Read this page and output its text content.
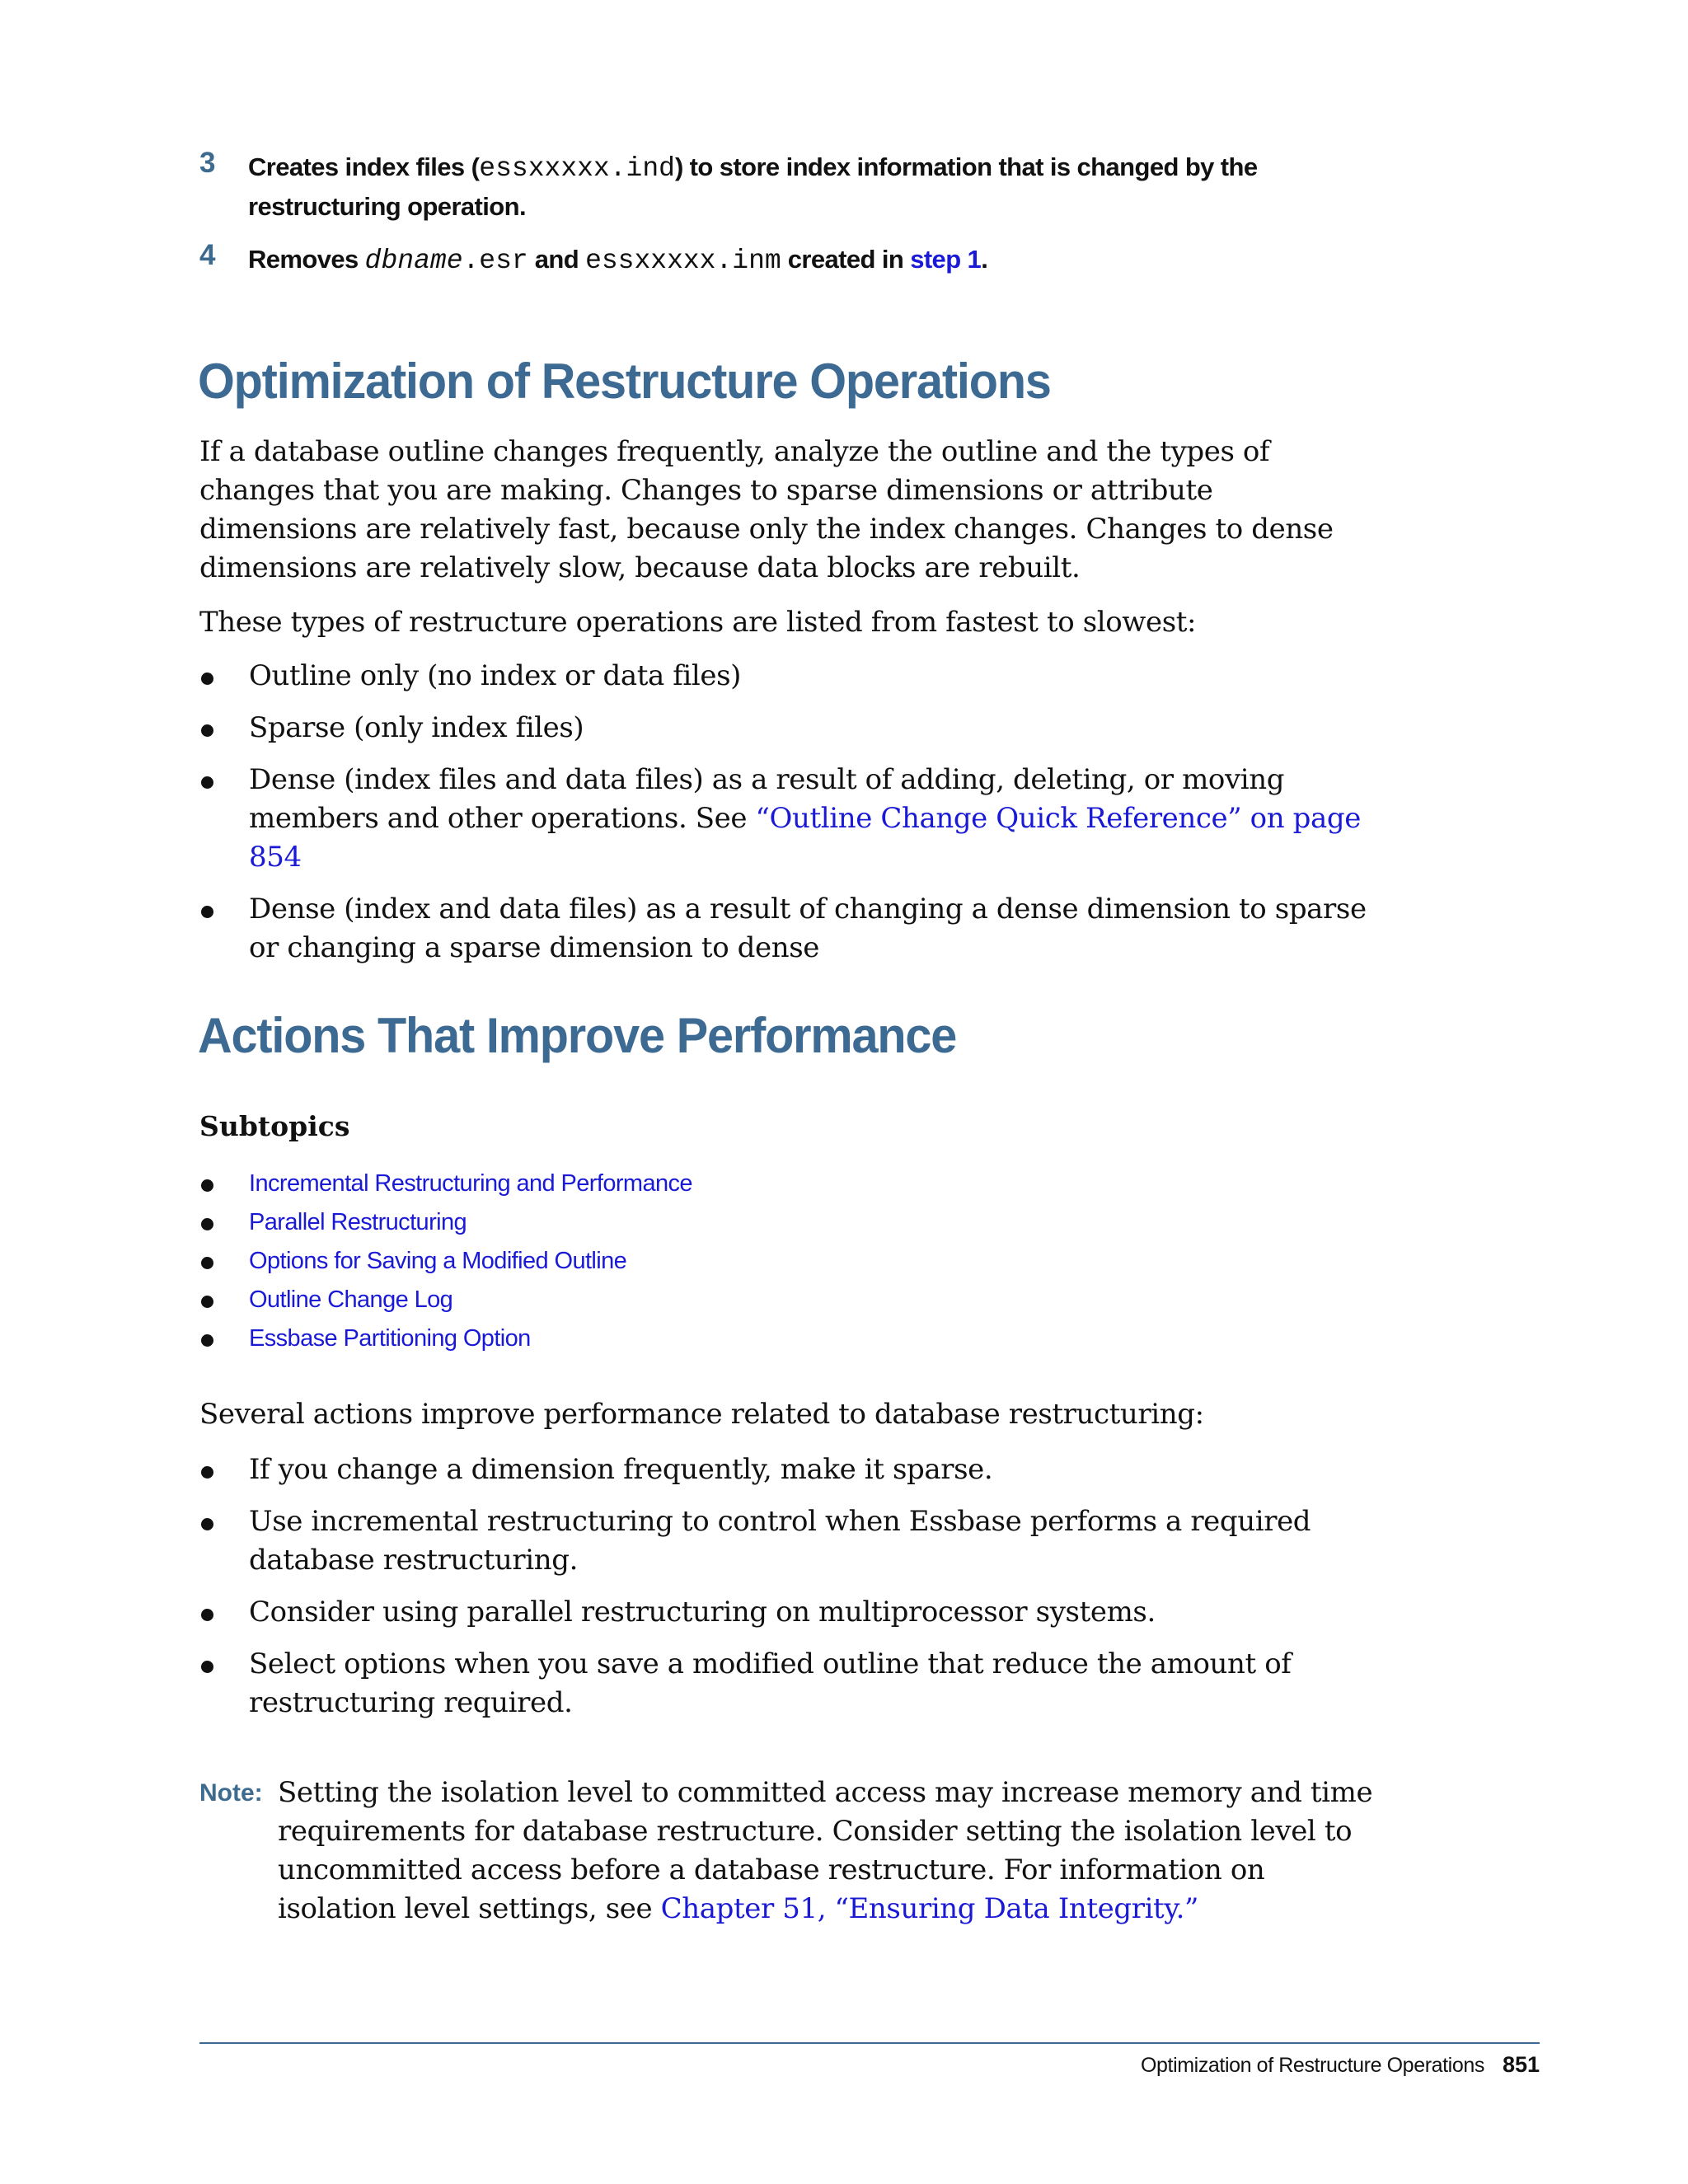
3 Creates index files (essxxxxx.ind) to store index information that is changed by the restructuring operation.
4 Removes dbname.esr and essxxxxx.inm created in step 1.
Optimization of Restructure Operations
If a database outline changes frequently, analyze the outline and the types of changes that you are making. Changes to sparse dimensions or attribute dimensions are relatively fast, because only the index changes. Changes to dense dimensions are relatively slow, because data blocks are rebuilt.
These types of restructure operations are listed from fastest to slowest:
Outline only (no index or data files)
Sparse (only index files)
Dense (index files and data files) as a result of adding, deleting, or moving members and other operations. See “Outline Change Quick Reference” on page 854
Dense (index and data files) as a result of changing a dense dimension to sparse or changing a sparse dimension to dense
Actions That Improve Performance
Subtopics
Incremental Restructuring and Performance
Parallel Restructuring
Options for Saving a Modified Outline
Outline Change Log
Essbase Partitioning Option
Several actions improve performance related to database restructuring:
If you change a dimension frequently, make it sparse.
Use incremental restructuring to control when Essbase performs a required database restructuring.
Consider using parallel restructuring on multiprocessor systems.
Select options when you save a modified outline that reduce the amount of restructuring required.
Note: Setting the isolation level to committed access may increase memory and time requirements for database restructure. Consider setting the isolation level to uncommitted access before a database restructure. For information on isolation level settings, see Chapter 51, “Ensuring Data Integrity.”
Optimization of Restructure Operations 851
